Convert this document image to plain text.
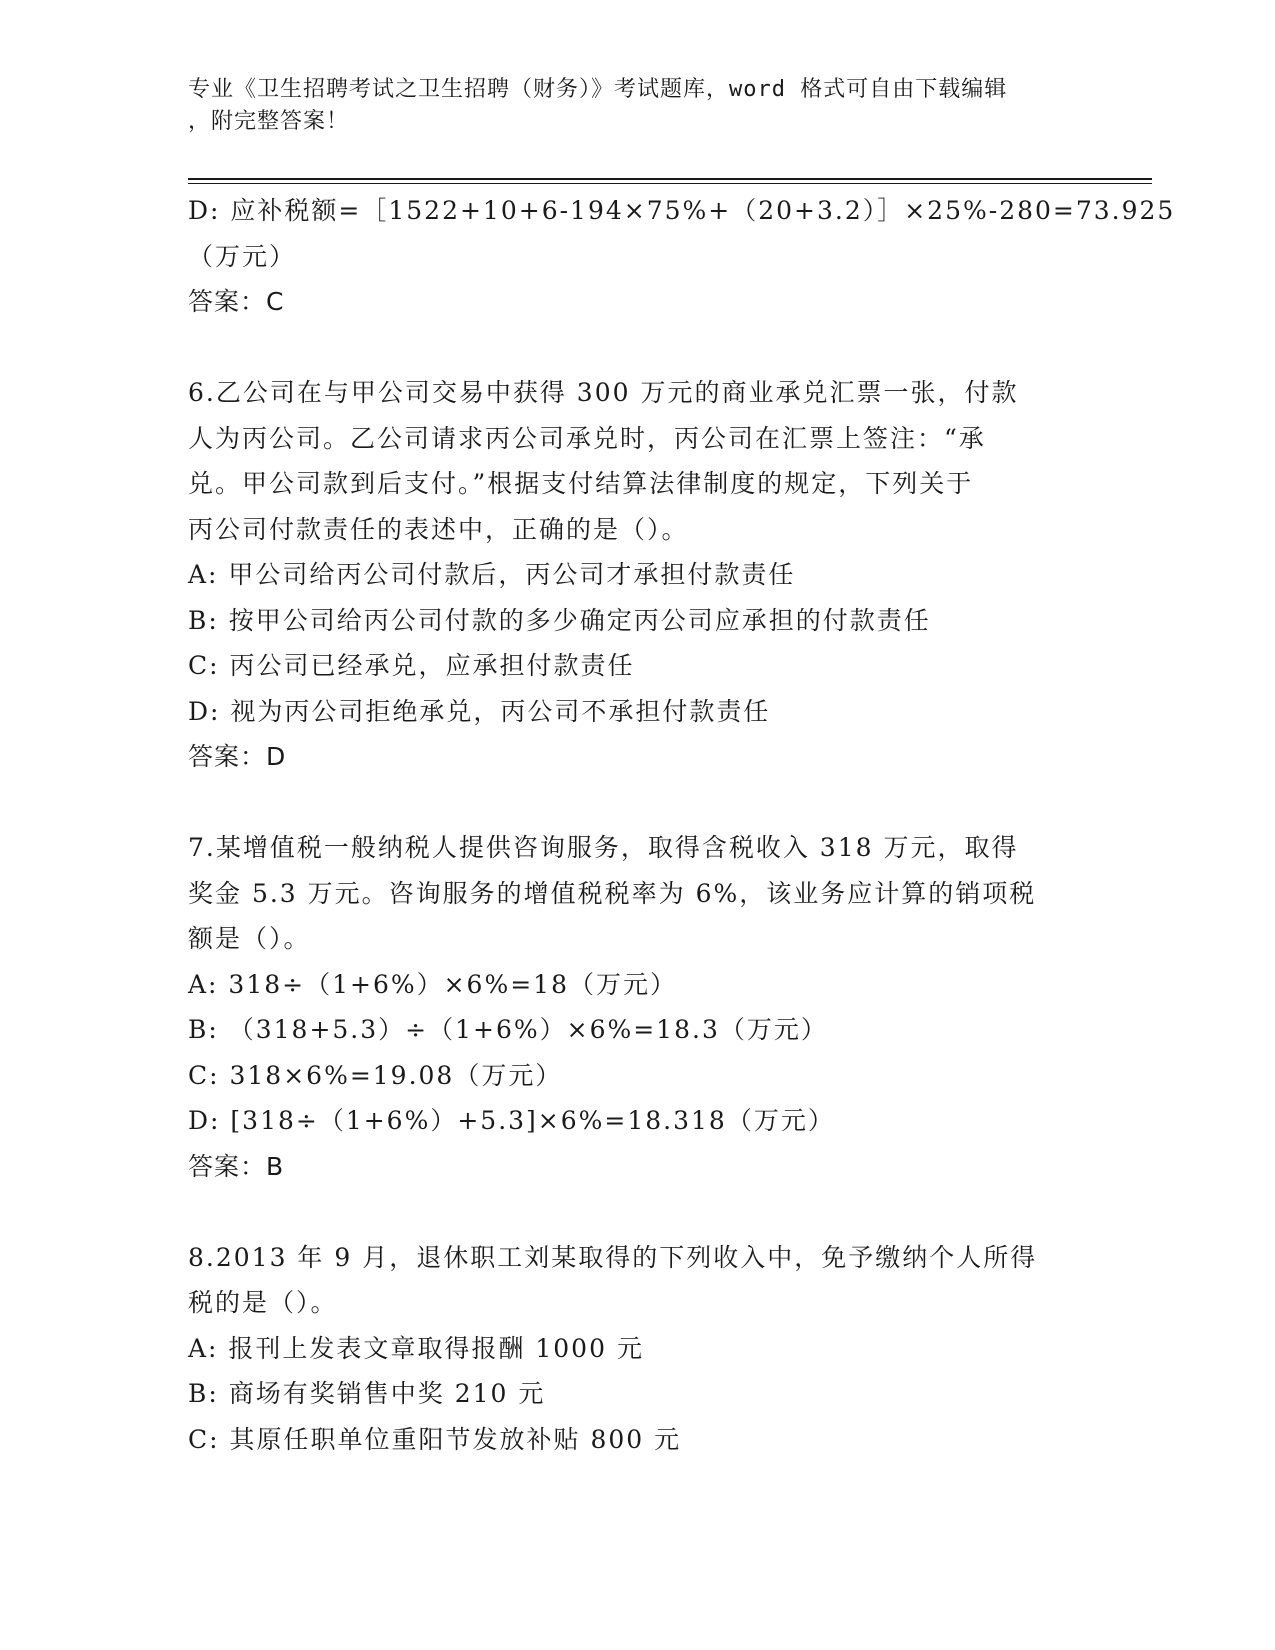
专业《卫生招聘考试之卫生招聘（财务）》考试题库，word 格式可自由下载编辑
，附完整答案！
D: 应补税额=［1522+10+6-194×75%+（20+3.2）］×25%-280=73.925
（万元）
答案：C
6.乙公司在与甲公司交易中获得 300 万元的商业承兑汇票一张，付款
人为丙公司。乙公司请求丙公司承兑时，丙公司在汇票上签注：“承
兑。甲公司款到后支付。”根据支付结算法律制度的规定，下列关于
丙公司付款责任的表述中，正确的是（）。
A: 甲公司给丙公司付款后，丙公司才承担付款责任
B: 按甲公司给丙公司付款的多少确定丙公司应承担的付款责任
C: 丙公司已经承兑，应承担付款责任
D: 视为丙公司拒绝承兑，丙公司不承担付款责任
答案：D
7.某增值税一般纳税人提供咨询服务，取得含税收入 318 万元，取得
奖金 5.3 万元。咨询服务的增值税税率为 6%，该业务应计算的销项税
额是（）。
A: 318÷（1+6%）×6%=18（万元）
B: （318+5.3）÷（1+6%）×6%=18.3（万元）
C: 318×6%=19.08（万元）
D: [318÷（1+6%）+5.3]×6%=18.318（万元）
答案：B
8.2013 年 9 月，退休职工刘某取得的下列收入中，免予缴纳个人所得
税的是（）。
A: 报刊上发表文章取得报酬 1000 元
B: 商场有奖销售中奖 210 元
C: 其原任职单位重阳节发放补贴 800 元
